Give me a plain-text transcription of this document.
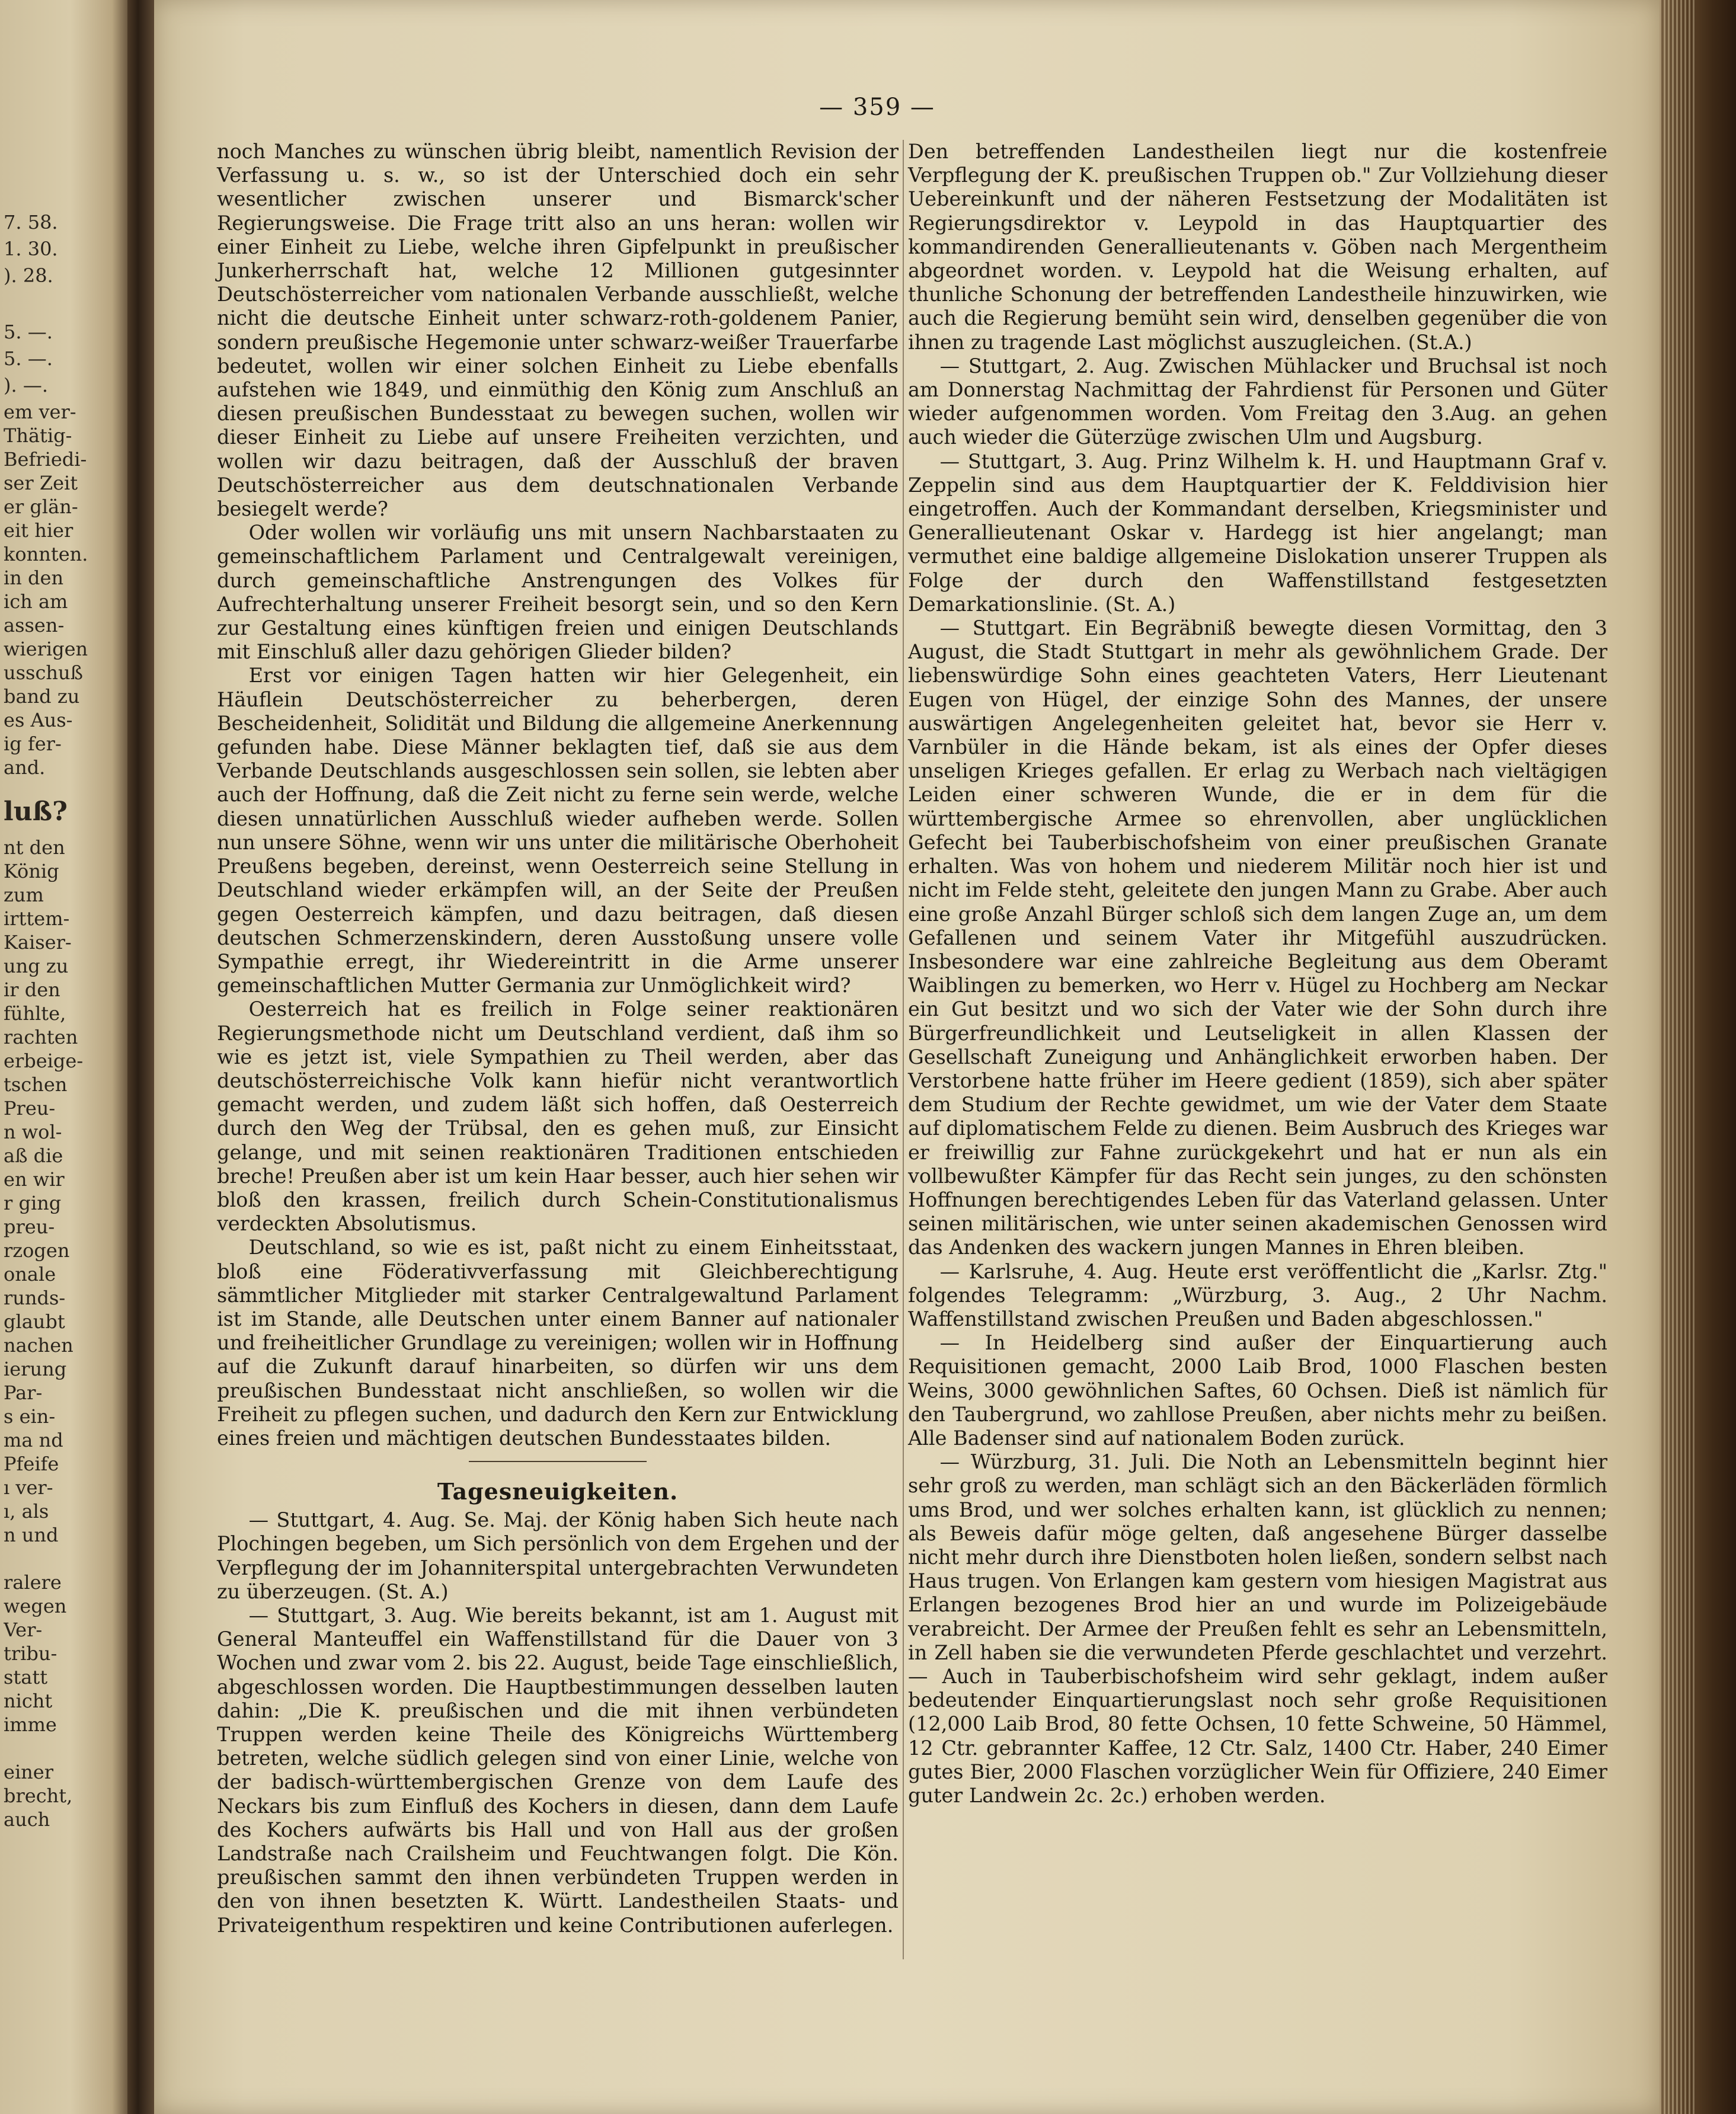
7. 58.
1. 30.
). 28.
5. —.
5. —.
). —.
em ver-
Thätig-
Befriedi-
ser Zeit
er glän-
eit hier
konnten.
in den
ich am
assen-
wierigen
usschuß
band zu
es Aus-
ig fer-
and.
luß?
nt den
König
zum
irttem-
Kaiser-
ung zu
ir den
fühlte,
rachten
erbeige-
tschen
Preu-
n wol-
aß die
en wir
r ging
preu-
rzogen
onale
runds-
glaubt
nachen
ierung
Par-
s ein-
ma nd
Pfeife
ı ver-
ı, als
n und
ralere
wegen
Ver-
tribu-
statt
nicht
imme
einer
brecht,
auch
— 359 —

noch Manches zu wünschen übrig bleibt, namentlich Revision der Verfassung u. s. w., so ist der Unterschied doch ein sehr wesentlicher zwischen unserer und Bismarck'scher Regierungsweise. Die Frage tritt also an uns heran: wollen wir einer Einheit zu Liebe, welche ihren Gipfelpunkt in preußischer Junkerherrschaft hat, welche 12 Millionen gutgesinnter Deutschösterreicher vom nationalen Verbande ausschließt, welche nicht die deutsche Einheit unter schwarz-roth-goldenem Panier, sondern preußische Hegemonie unter schwarz-weißer Trauerfarbe bedeutet, wollen wir einer solchen Einheit zu Liebe ebenfalls aufstehen wie 1849, und einmüthig den König zum Anschluß an diesen preußischen Bundesstaat zu bewegen suchen, wollen wir dieser Einheit zu Liebe auf unsere Freiheiten verzichten, und wollen wir dazu beitragen, daß der Ausschluß der braven Deutschösterreicher aus dem deutschnationalen Verbande besiegelt werde?

Oder wollen wir vorläufig uns mit unsern Nachbarstaaten zu gemeinschaftlichem Parlament und Centralgewalt vereinigen, durch gemeinschaftliche Anstrengungen des Volkes für Aufrechterhaltung unserer Freiheit besorgt sein, und so den Kern zur Gestaltung eines künftigen freien und einigen Deutschlands mit Einschluß aller dazu gehörigen Glieder bilden?

Erst vor einigen Tagen hatten wir hier Gelegenheit, ein Häuflein Deutschösterreicher zu beherbergen, deren Bescheidenheit, Solidität und Bildung die allgemeine Anerkennung gefunden habe. Diese Männer beklagten tief, daß sie aus dem Verbande Deutschlands ausgeschlossen sein sollen, sie lebten aber auch der Hoffnung, daß die Zeit nicht zu ferne sein werde, welche diesen unnatürlichen Ausschluß wieder aufheben werde. Sollen nun unsere Söhne, wenn wir uns unter die militärische Oberhoheit Preußens begeben, dereinst, wenn Oesterreich seine Stellung in Deutschland wieder erkämpfen will, an der Seite der Preußen gegen Oesterreich kämpfen, und dazu beitragen, daß diesen deutschen Schmerzenskindern, deren Ausstoßung unsere volle Sympathie erregt, ihr Wiedereintritt in die Arme unserer gemeinschaftlichen Mutter Germania zur Unmöglichkeit wird?

Oesterreich hat es freilich in Folge seiner reaktionären Regierungsmethode nicht um Deutschland verdient, daß ihm so wie es jetzt ist, viele Sympathien zu Theil werden, aber das deutschösterreichische Volk kann hiefür nicht verantwortlich gemacht werden, und zudem läßt sich hoffen, daß Oesterreich durch den Weg der Trübsal, den es gehen muß, zur Einsicht gelange, und mit seinen reaktionären Traditionen entschieden breche! Preußen aber ist um kein Haar besser, auch hier sehen wir bloß den krassen, freilich durch Schein-Constitutionalismus verdeckten Absolutismus.

Deutschland, so wie es ist, paßt nicht zu einem Einheitsstaat, bloß eine Föderativverfassung mit Gleichberechtigung sämmtlicher Mitglieder mit starker Centralgewaltund Parlament ist im Stande, alle Deutschen unter einem Banner auf nationaler und freiheitlicher Grundlage zu vereinigen; wollen wir in Hoffnung auf die Zukunft darauf hinarbeiten, so dürfen wir uns dem preußischen Bundesstaat nicht anschließen, so wollen wir die Freiheit zu pflegen suchen, und dadurch den Kern zur Entwicklung eines freien und mächtigen deutschen Bundesstaates bilden.

Tagesneuigkeiten.

— Stuttgart, 4. Aug. Se. Maj. der König haben Sich heute nach Plochingen begeben, um Sich persönlich von dem Ergehen und der Verpflegung der im Johanniterspital untergebrachten Verwundeten zu überzeugen. (St. A.)

— Stuttgart, 3. Aug. Wie bereits bekannt, ist am 1. August mit General Manteuffel ein Waffenstillstand für die Dauer von 3 Wochen und zwar vom 2. bis 22. August, beide Tage einschließlich, abgeschlossen worden. Die Hauptbestimmungen desselben lauten dahin: „Die K. preußischen und die mit ihnen verbündeten Truppen werden keine Theile des Königreichs Württemberg betreten, welche südlich gelegen sind von einer Linie, welche von der badisch-württembergischen Grenze von dem Laufe des Neckars bis zum Einfluß des Kochers in diesen, dann dem Laufe des Kochers aufwärts bis Hall und von Hall aus der großen Landstraße nach Crailsheim und Feuchtwangen folgt. Die Kön. preußischen sammt den ihnen verbündeten Truppen werden in den von ihnen besetzten K. Württ. Landestheilen Staats- und Privateigenthum respektiren und keine Contributionen auferlegen.

Den betreffenden Landestheilen liegt nur die kostenfreie Verpflegung der K. preußischen Truppen ob." Zur Vollziehung dieser Uebereinkunft und der näheren Festsetzung der Modalitäten ist Regierungsdirektor v. Leypold in das Hauptquartier des kommandirenden Generallieutenants v. Göben nach Mergentheim abgeordnet worden. v. Leypold hat die Weisung erhalten, auf thunliche Schonung der betreffenden Landestheile hinzuwirken, wie auch die Regierung bemüht sein wird, denselben gegenüber die von ihnen zu tragende Last möglichst auszugleichen. (St.A.)

— Stuttgart, 2. Aug. Zwischen Mühlacker und Bruchsal ist noch am Donnerstag Nachmittag der Fahrdienst für Personen und Güter wieder aufgenommen worden. Vom Freitag den 3.Aug. an gehen auch wieder die Güterzüge zwischen Ulm und Augsburg.

— Stuttgart, 3. Aug. Prinz Wilhelm k. H. und Hauptmann Graf v. Zeppelin sind aus dem Hauptquartier der K. Felddivision hier eingetroffen. Auch der Kommandant derselben, Kriegsminister und Generallieutenant Oskar v. Hardegg ist hier angelangt; man vermuthet eine baldige allgemeine Dislokation unserer Truppen als Folge der durch den Waffenstillstand festgesetzten Demarkationslinie. (St. A.)

— Stuttgart. Ein Begräbniß bewegte diesen Vormittag, den 3 August, die Stadt Stuttgart in mehr als gewöhnlichem Grade. Der liebenswürdige Sohn eines geachteten Vaters, Herr Lieutenant Eugen von Hügel, der einzige Sohn des Mannes, der unsere auswärtigen Angelegenheiten geleitet hat, bevor sie Herr v. Varnbüler in die Hände bekam, ist als eines der Opfer dieses unseligen Krieges gefallen. Er erlag zu Werbach nach vieltägigen Leiden einer schweren Wunde, die er in dem für die württembergische Armee so ehrenvollen, aber unglücklichen Gefecht bei Tauberbischofsheim von einer preußischen Granate erhalten. Was von hohem und niederem Militär noch hier ist und nicht im Felde steht, geleitete den jungen Mann zu Grabe. Aber auch eine große Anzahl Bürger schloß sich dem langen Zuge an, um dem Gefallenen und seinem Vater ihr Mitgefühl auszudrücken. Insbesondere war eine zahlreiche Begleitung aus dem Oberamt Waiblingen zu bemerken, wo Herr v. Hügel zu Hochberg am Neckar ein Gut besitzt und wo sich der Vater wie der Sohn durch ihre Bürgerfreundlichkeit und Leutseligkeit in allen Klassen der Gesellschaft Zuneigung und Anhänglichkeit erworben haben. Der Verstorbene hatte früher im Heere gedient (1859), sich aber später dem Studium der Rechte gewidmet, um wie der Vater dem Staate auf diplomatischem Felde zu dienen. Beim Ausbruch des Krieges war er freiwillig zur Fahne zurückgekehrt und hat er nun als ein vollbewußter Kämpfer für das Recht sein junges, zu den schönsten Hoffnungen berechtigendes Leben für das Vaterland gelassen. Unter seinen militärischen, wie unter seinen akademischen Genossen wird das Andenken des wackern jungen Mannes in Ehren bleiben.

— Karlsruhe, 4. Aug. Heute erst veröffentlicht die „Karlsr. Ztg." folgendes Telegramm: „Würzburg, 3. Aug., 2 Uhr Nachm. Waffenstillstand zwischen Preußen und Baden abgeschlossen."

— In Heidelberg sind außer der Einquartierung auch Requisitionen gemacht, 2000 Laib Brod, 1000 Flaschen besten Weins, 3000 gewöhnlichen Saftes, 60 Ochsen. Dieß ist nämlich für den Taubergrund, wo zahllose Preußen, aber nichts mehr zu beißen. Alle Badenser sind auf nationalem Boden zurück.

— Würzburg, 31. Juli. Die Noth an Lebensmitteln beginnt hier sehr groß zu werden, man schlägt sich an den Bäckerläden förmlich ums Brod, und wer solches erhalten kann, ist glücklich zu nennen; als Beweis dafür möge gelten, daß angesehene Bürger dasselbe nicht mehr durch ihre Dienstboten holen ließen, sondern selbst nach Haus trugen. Von Erlangen kam gestern vom hiesigen Magistrat aus Erlangen bezogenes Brod hier an und wurde im Polizeigebäude verabreicht. Der Armee der Preußen fehlt es sehr an Lebensmitteln, in Zell haben sie die verwundeten Pferde geschlachtet und verzehrt. — Auch in Tauberbischofsheim wird sehr geklagt, indem außer bedeutender Einquartierungslast noch sehr große Requisitionen (12,000 Laib Brod, 80 fette Ochsen, 10 fette Schweine, 50 Hämmel, 12 Ctr. gebrannter Kaffee, 12 Ctr. Salz, 1400 Ctr. Haber, 240 Eimer gutes Bier, 2000 Flaschen vorzüglicher Wein für Offiziere, 240 Eimer guter Landwein 2c. 2c.) erhoben werden.
